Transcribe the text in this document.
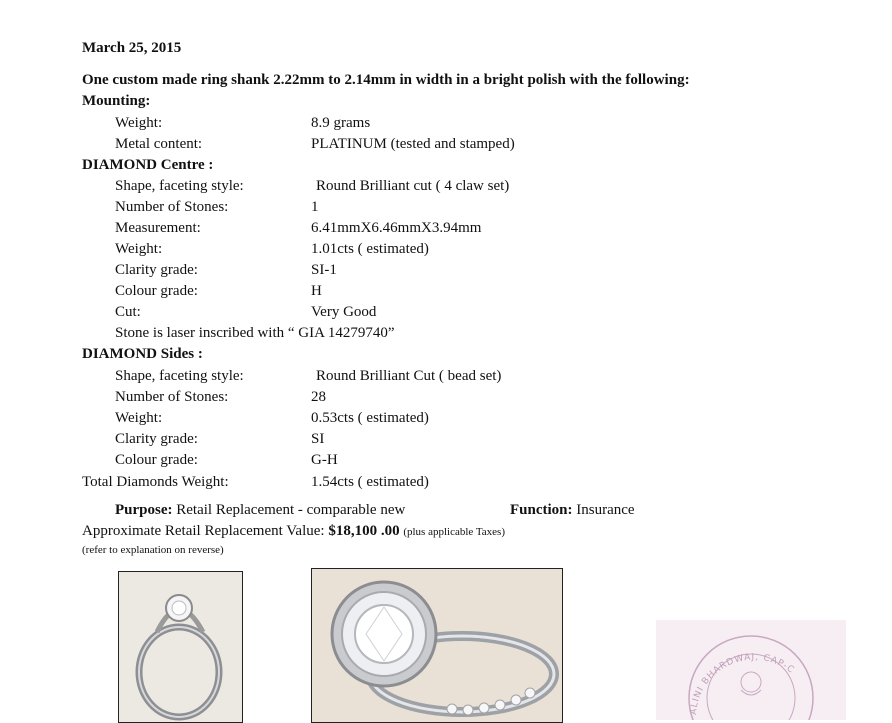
March 25, 2015
One custom made ring shank 2.22mm to 2.14mm in width in a bright polish with the following:
Mounting:
Weight:	8.9 grams
Metal content:	PLATINUM (tested and stamped)
DIAMOND Centre :
Shape, faceting style:	Round Brilliant cut ( 4 claw set)
Number of Stones:	1
Measurement:	6.41mmX6.46mmX3.94mm
Weight:	1.01cts ( estimated)
Clarity grade:	SI-1
Colour grade:	H
Cut:	Very Good
Stone is laser inscribed with “ GIA 14279740”
DIAMOND Sides :
Shape, faceting style:	Round Brilliant Cut ( bead set)
Number of Stones:	28
Weight:	0.53cts ( estimated)
Clarity grade:	SI
Colour grade:	G-H
Total Diamonds Weight:	1.54cts ( estimated)
Purpose: Retail Replacement - comparable new	Function: Insurance
Approximate Retail Replacement Value: $18,100 .00 (plus applicable Taxes)
(refer to explanation on reverse)
ALINI BHARDWAJ, CAP-C
